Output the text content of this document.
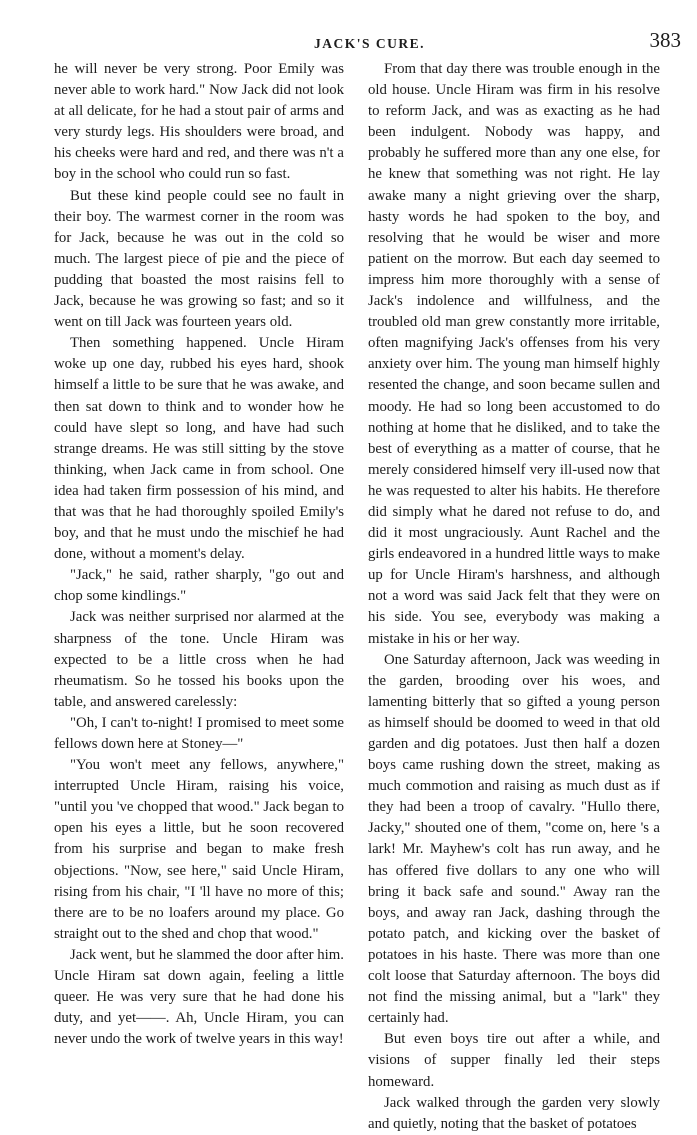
JACK'S CURE.	383

he will never be very strong. Poor Emily was never able to work hard." Now Jack did not look at all delicate, for he had a stout pair of arms and very sturdy legs. His shoulders were broad, and his cheeks were hard and red, and there was n't a boy in the school who could run so fast.

But these kind people could see no fault in their boy. The warmest corner in the room was for Jack, because he was out in the cold so much. The largest piece of pie and the piece of pudding that boasted the most raisins fell to Jack, because he was growing so fast; and so it went on till Jack was fourteen years old.

Then something happened. Uncle Hiram woke up one day, rubbed his eyes hard, shook himself a little to be sure that he was awake, and then sat down to think and to wonder how he could have slept so long, and have had such strange dreams. He was still sitting by the stove thinking, when Jack came in from school. One idea had taken firm possession of his mind, and that was that he had thoroughly spoiled Emily's boy, and that he must undo the mischief he had done, without a moment's delay.

"Jack," he said, rather sharply, "go out and chop some kindlings."

Jack was neither surprised nor alarmed at the sharpness of the tone. Uncle Hiram was expected to be a little cross when he had rheumatism. So he tossed his books upon the table, and answered carelessly:

"Oh, I can't to-night! I promised to meet some fellows down here at Stoney—"

"You won't meet any fellows, anywhere," interrupted Uncle Hiram, raising his voice, "until you 've chopped that wood." Jack began to open his eyes a little, but he soon recovered from his surprise and began to make fresh objections. "Now, see here," said Uncle Hiram, rising from his chair, "I 'll have no more of this; there are to be no loafers around my place. Go straight out to the shed and chop that wood."

Jack went, but he slammed the door after him. Uncle Hiram sat down again, feeling a little queer. He was very sure that he had done his duty, and yet——. Ah, Uncle Hiram, you can never undo the work of twelve years in this way!

From that day there was trouble enough in the old house. Uncle Hiram was firm in his resolve to reform Jack, and was as exacting as he had been indulgent. Nobody was happy, and probably he suffered more than any one else, for he knew that something was not right. He lay awake many a night grieving over the sharp, hasty words he had spoken to the boy, and resolving that he would be wiser and more patient on the morrow. But each day seemed to impress him more thoroughly with a sense of Jack's indolence and willfulness, and the troubled old man grew constantly more irritable, often magnifying Jack's offenses from his very anxiety over him. The young man himself highly resented the change, and soon became sullen and moody. He had so long been accustomed to do nothing at home that he disliked, and to take the best of everything as a matter of course, that he merely considered himself very ill-used now that he was requested to alter his habits. He therefore did simply what he dared not refuse to do, and did it most ungraciously. Aunt Rachel and the girls endeavored in a hundred little ways to make up for Uncle Hiram's harshness, and although not a word was said Jack felt that they were on his side. You see, everybody was making a mistake in his or her way.

One Saturday afternoon, Jack was weeding in the garden, brooding over his woes, and lamenting bitterly that so gifted a young person as himself should be doomed to weed in that old garden and dig potatoes. Just then half a dozen boys came rushing down the street, making as much commotion and raising as much dust as if they had been a troop of cavalry. "Hullo there, Jacky," shouted one of them, "come on, here 's a lark! Mr. Mayhew's colt has run away, and he has offered five dollars to any one who will bring it back safe and sound." Away ran the boys, and away ran Jack, dashing through the potato patch, and kicking over the basket of potatoes in his haste. There was more than one colt loose that Saturday afternoon. The boys did not find the missing animal, but a "lark" they certainly had.

But even boys tire out after a while, and visions of supper finally led their steps homeward.

Jack walked through the garden very slowly and quietly, noting that the basket of potatoes
